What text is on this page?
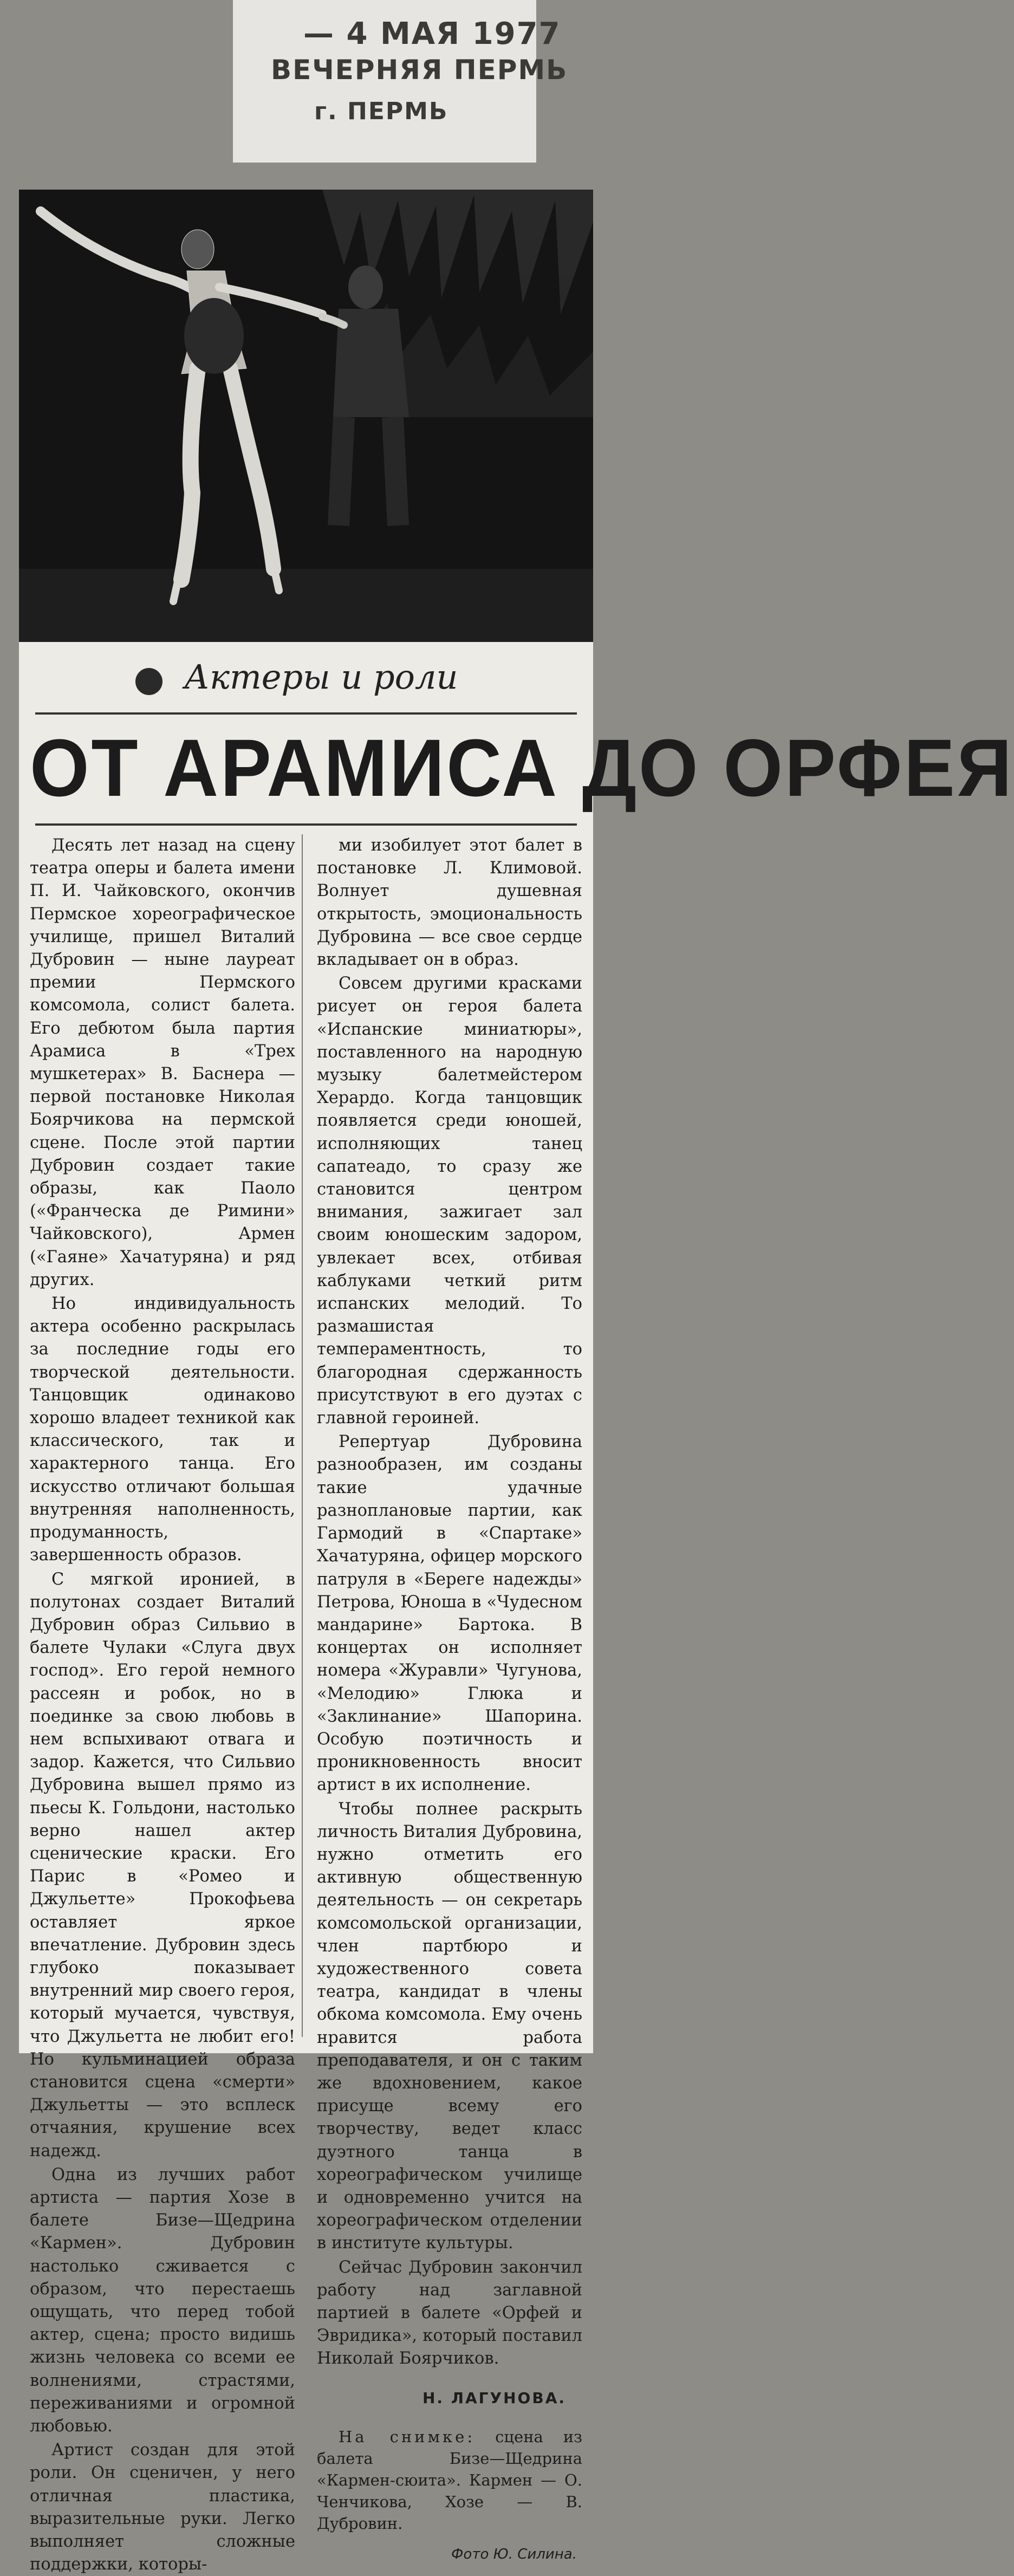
— 4 МАЯ 1977
ВЕЧЕРНЯЯ ПЕРМЬ
г. ПЕРМЬ
Актеры и роли
ОТ АРАМИСА ДО ОРФЕЯ

Десять лет назад на сцену театра оперы и балета имени П. И. Чайковского, окончив Пермское хореографическое училище, пришел Виталий Дубровин — ныне лауреат премии Пермского комсомола, солист балета. Его дебютом была партия Арамиса в «Трех мушкетерах» В. Баснера — первой постановке Николая Боярчикова на пермской сцене. После этой партии Дубровин создает такие образы, как Паоло («Франческа де Римини» Чайковского), Армен («Гаяне» Хачатуряна) и ряд других.

Но индивидуальность актера особенно раскрылась за последние годы его творческой деятельности. Танцовщик одинаково хорошо владеет техникой как классического, так и характерного танца. Его искусство отличают большая внутренняя наполненность, продуманность, завершенность образов.

С мягкой иронией, в полутонах создает Виталий Дубровин образ Сильвио в балете Чулаки «Слуга двух господ». Его герой немного рассеян и робок, но в поединке за свою любовь в нем вспыхивают отвага и задор. Кажется, что Сильвио Дубровина вышел прямо из пьесы К. Гольдони, настолько верно нашел актер сценические краски. Его Парис в «Ромео и Джульетте» Прокофьева оставляет яркое впечатление. Дубровин здесь глубоко показывает внутренний мир своего героя, который мучается, чувствуя, что Джульетта не любит его! Но кульминацией образа становится сцена «смерти» Джульетты — это всплеск отчаяния, крушение всех надежд.

Одна из лучших работ артиста — партия Хозе в балете Бизе—Щедрина «Кармен». Дубровин настолько сживается с образом, что перестаешь ощущать, что перед тобой актер, сцена; просто видишь жизнь человека со всеми ее волнениями, страстями, переживаниями и огромной любовью.

Артист создан для этой роли. Он сценичен, у него отличная пластика, выразительные руки. Легко выполняет сложные поддержки, которы-

ми изобилует этот балет в постановке Л. Климовой. Волнует душевная открытость, эмоциональность Дубровина — все свое сердце вкладывает он в образ.

Совсем другими красками рисует он героя балета «Испанские миниатюры», поставленного на народную музыку балетмейстером Херардо. Когда танцовщик появляется среди юношей, исполняющих танец сапатеадо, то сразу же становится центром внимания, зажигает зал своим юношеским задором, увлекает всех, отбивая каблуками четкий ритм испанских мелодий. То размашистая темпераментность, то благородная сдержанность присутствуют в его дуэтах с главной героиней.

Репертуар Дубровина разнообразен, им созданы такие удачные разноплановые партии, как Гармодий в «Спартаке» Хачатуряна, офицер морского патруля в «Береге надежды» Петрова, Юноша в «Чудесном мандарине» Бартока. В концертах он исполняет номера «Журавли» Чугунова, «Мелодию» Глюка и «Заклинание» Шапорина. Особую поэтичность и проникновенность вносит артист в их исполнение.

Чтобы полнее раскрыть личность Виталия Дубровина, нужно отметить его активную общественную деятельность — он секретарь комсомольской организации, член партбюро и художественного совета театра, кандидат в члены обкома комсомола. Ему очень нравится работа преподавателя, и он с таким же вдохновением, какое присуще всему его творчеству, ведет класс дуэтного танца в хореографическом училище и одновременно учится на хореографическом отделении в институте культуры.

Сейчас Дубровин закончил работу над заглавной партией в балете «Орфей и Эвридика», который поставил Николай Боярчиков.

Н. ЛАГУНОВА.

На снимке: сцена из балета Бизе—Щедрина «Кармен-сюита». Кармен — О. Ченчикова, Хозе — В. Дубровин.

Фото Ю. Силина.
